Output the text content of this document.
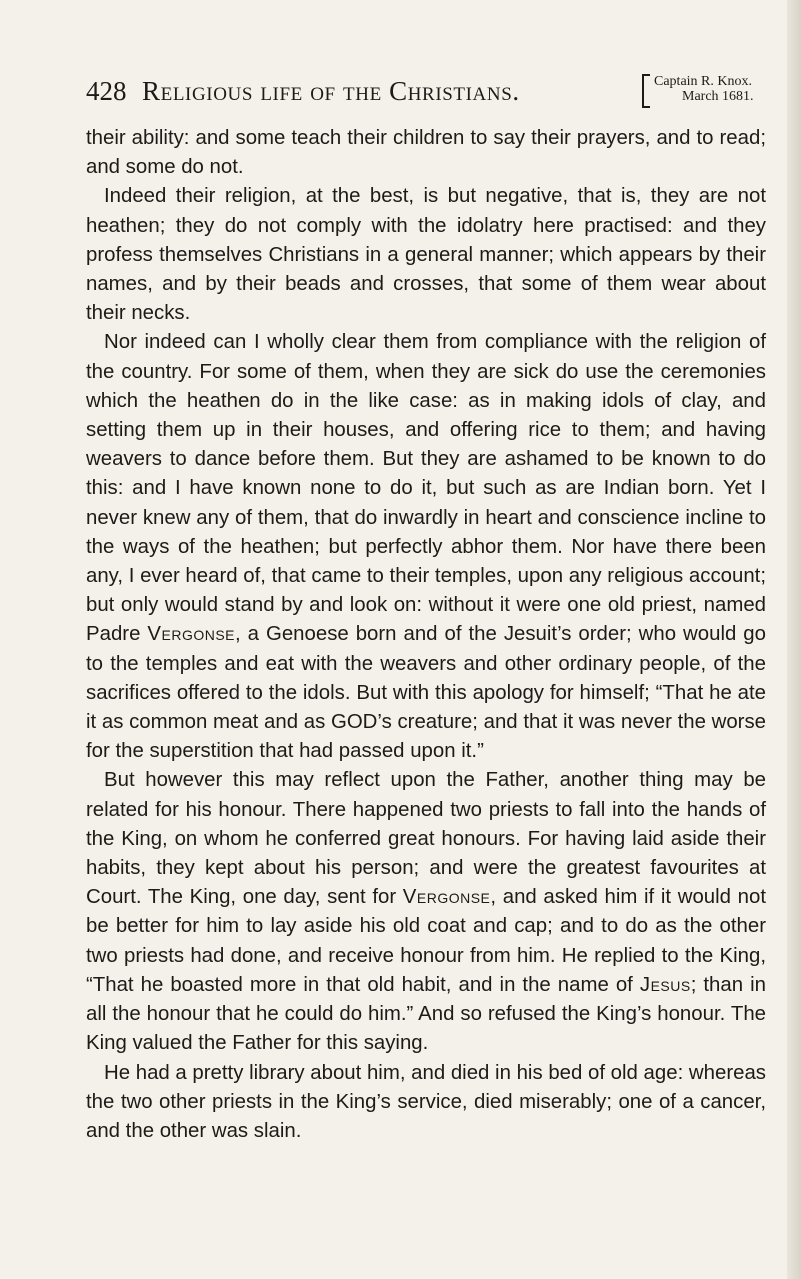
428 Religious life of the Christians.	Captain R. Knox.
March 1681.

their ability: and some teach their children to say their prayers, and to read; and some do not.

Indeed their religion, at the best, is but negative, that is, they are not heathen; they do not comply with the idolatry here practised: and they profess themselves Christians in a general manner; which appears by their names, and by their beads and crosses, that some of them wear about their necks.

Nor indeed can I wholly clear them from compliance with the religion of the country. For some of them, when they are sick do use the ceremonies which the heathen do in the like case: as in making idols of clay, and setting them up in their houses, and offering rice to them; and having weavers to dance before them. But they are ashamed to be known to do this: and I have known none to do it, but such as are Indian born. Yet I never knew any of them, that do inwardly in heart and conscience incline to the ways of the heathen; but perfectly abhor them. Nor have there been any, I ever heard of, that came to their temples, upon any religious account; but only would stand by and look on: without it were one old priest, named Padre Vergonse, a Genoese born and of the Jesuit’s order; who would go to the temples and eat with the weavers and other ordinary people, of the sacrifices offered to the idols. But with this apology for himself; “That he ate it as common meat and as GOD’s creature; and that it was never the worse for the superstition that had passed upon it.”

But however this may reflect upon the Father, another thing may be related for his honour. There happened two priests to fall into the hands of the King, on whom he conferred great honours. For having laid aside their habits, they kept about his person; and were the greatest favourites at Court. The King, one day, sent for Vergonse, and asked him if it would not be better for him to lay aside his old coat and cap; and to do as the other two priests had done, and receive honour from him. He replied to the King, “That he boasted more in that old habit, and in the name of Jesus; than in all the honour that he could do him.” And so refused the King’s honour. The King valued the Father for this saying.

He had a pretty library about him, and died in his bed of old age: whereas the two other priests in the King’s service, died miserably; one of a cancer, and the other was slain.
